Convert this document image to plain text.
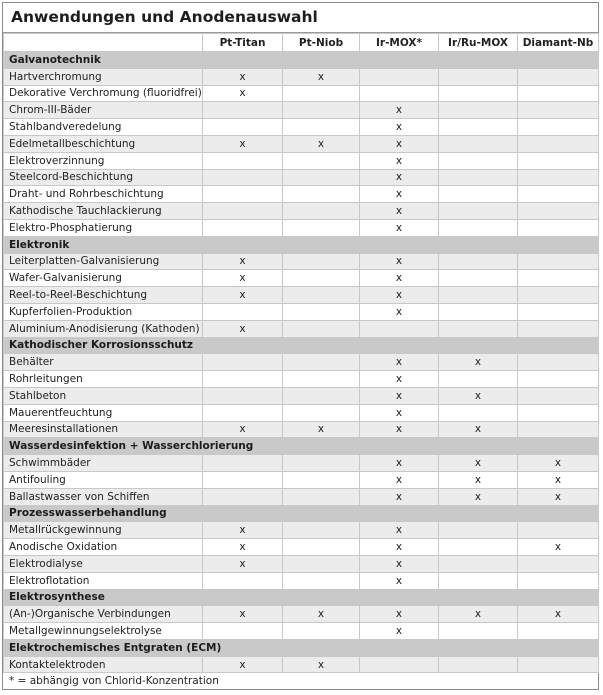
Anwendungen und Anodenauswahl
	Pt-Titan	Pt-Niob	Ir-MOX*	Ir/Ru-MOX	Diamant-Nb
Galvanotechnik					
Hartverchromung	x	x			
Dekorative Verchromung (fluoridfrei)	x				
Chrom-III-Bäder			x		
Stahlbandveredelung			x		
Edelmetallbeschichtung	x	x	x		
Elektroverzinnung			x		
Steelcord-Beschichtung			x		
Draht- und Rohrbeschichtung			x		
Kathodische Tauchlackierung			x		
Elektro-Phosphatierung			x		
Elektronik					
Leiterplatten-Galvanisierung	x		x		
Wafer-Galvanisierung	x		x		
Reel-to-Reel-Beschichtung	x		x		
Kupferfolien-Produktion			x		
Aluminium-Anodisierung (Kathoden)	x				
Kathodischer Korrosionsschutz					
Behälter			x	x	
Rohrleitungen			x		
Stahlbeton			x	x	
Mauerentfeuchtung			x		
Meeresinstallationen	x	x	x	x	
Wasserdesinfektion + Wasserchlorierung					
Schwimmbäder			x	x	x
Antifouling			x	x	x
Ballastwasser von Schiffen			x	x	x
Prozesswasserbehandlung					
Metallrückgewinnung	x		x		
Anodische Oxidation	x		x		x
Elektrodialyse	x		x		
Elektroflotation			x		
Elektrosynthese					
(An-)Organische Verbindungen	x	x	x	x	x
Metallgewinnungselektrolyse			x		
Elektrochemisches Entgraten (ECM)					
Kontaktelektroden	x	x			
* = abhängig von Chlorid-Konzentration
